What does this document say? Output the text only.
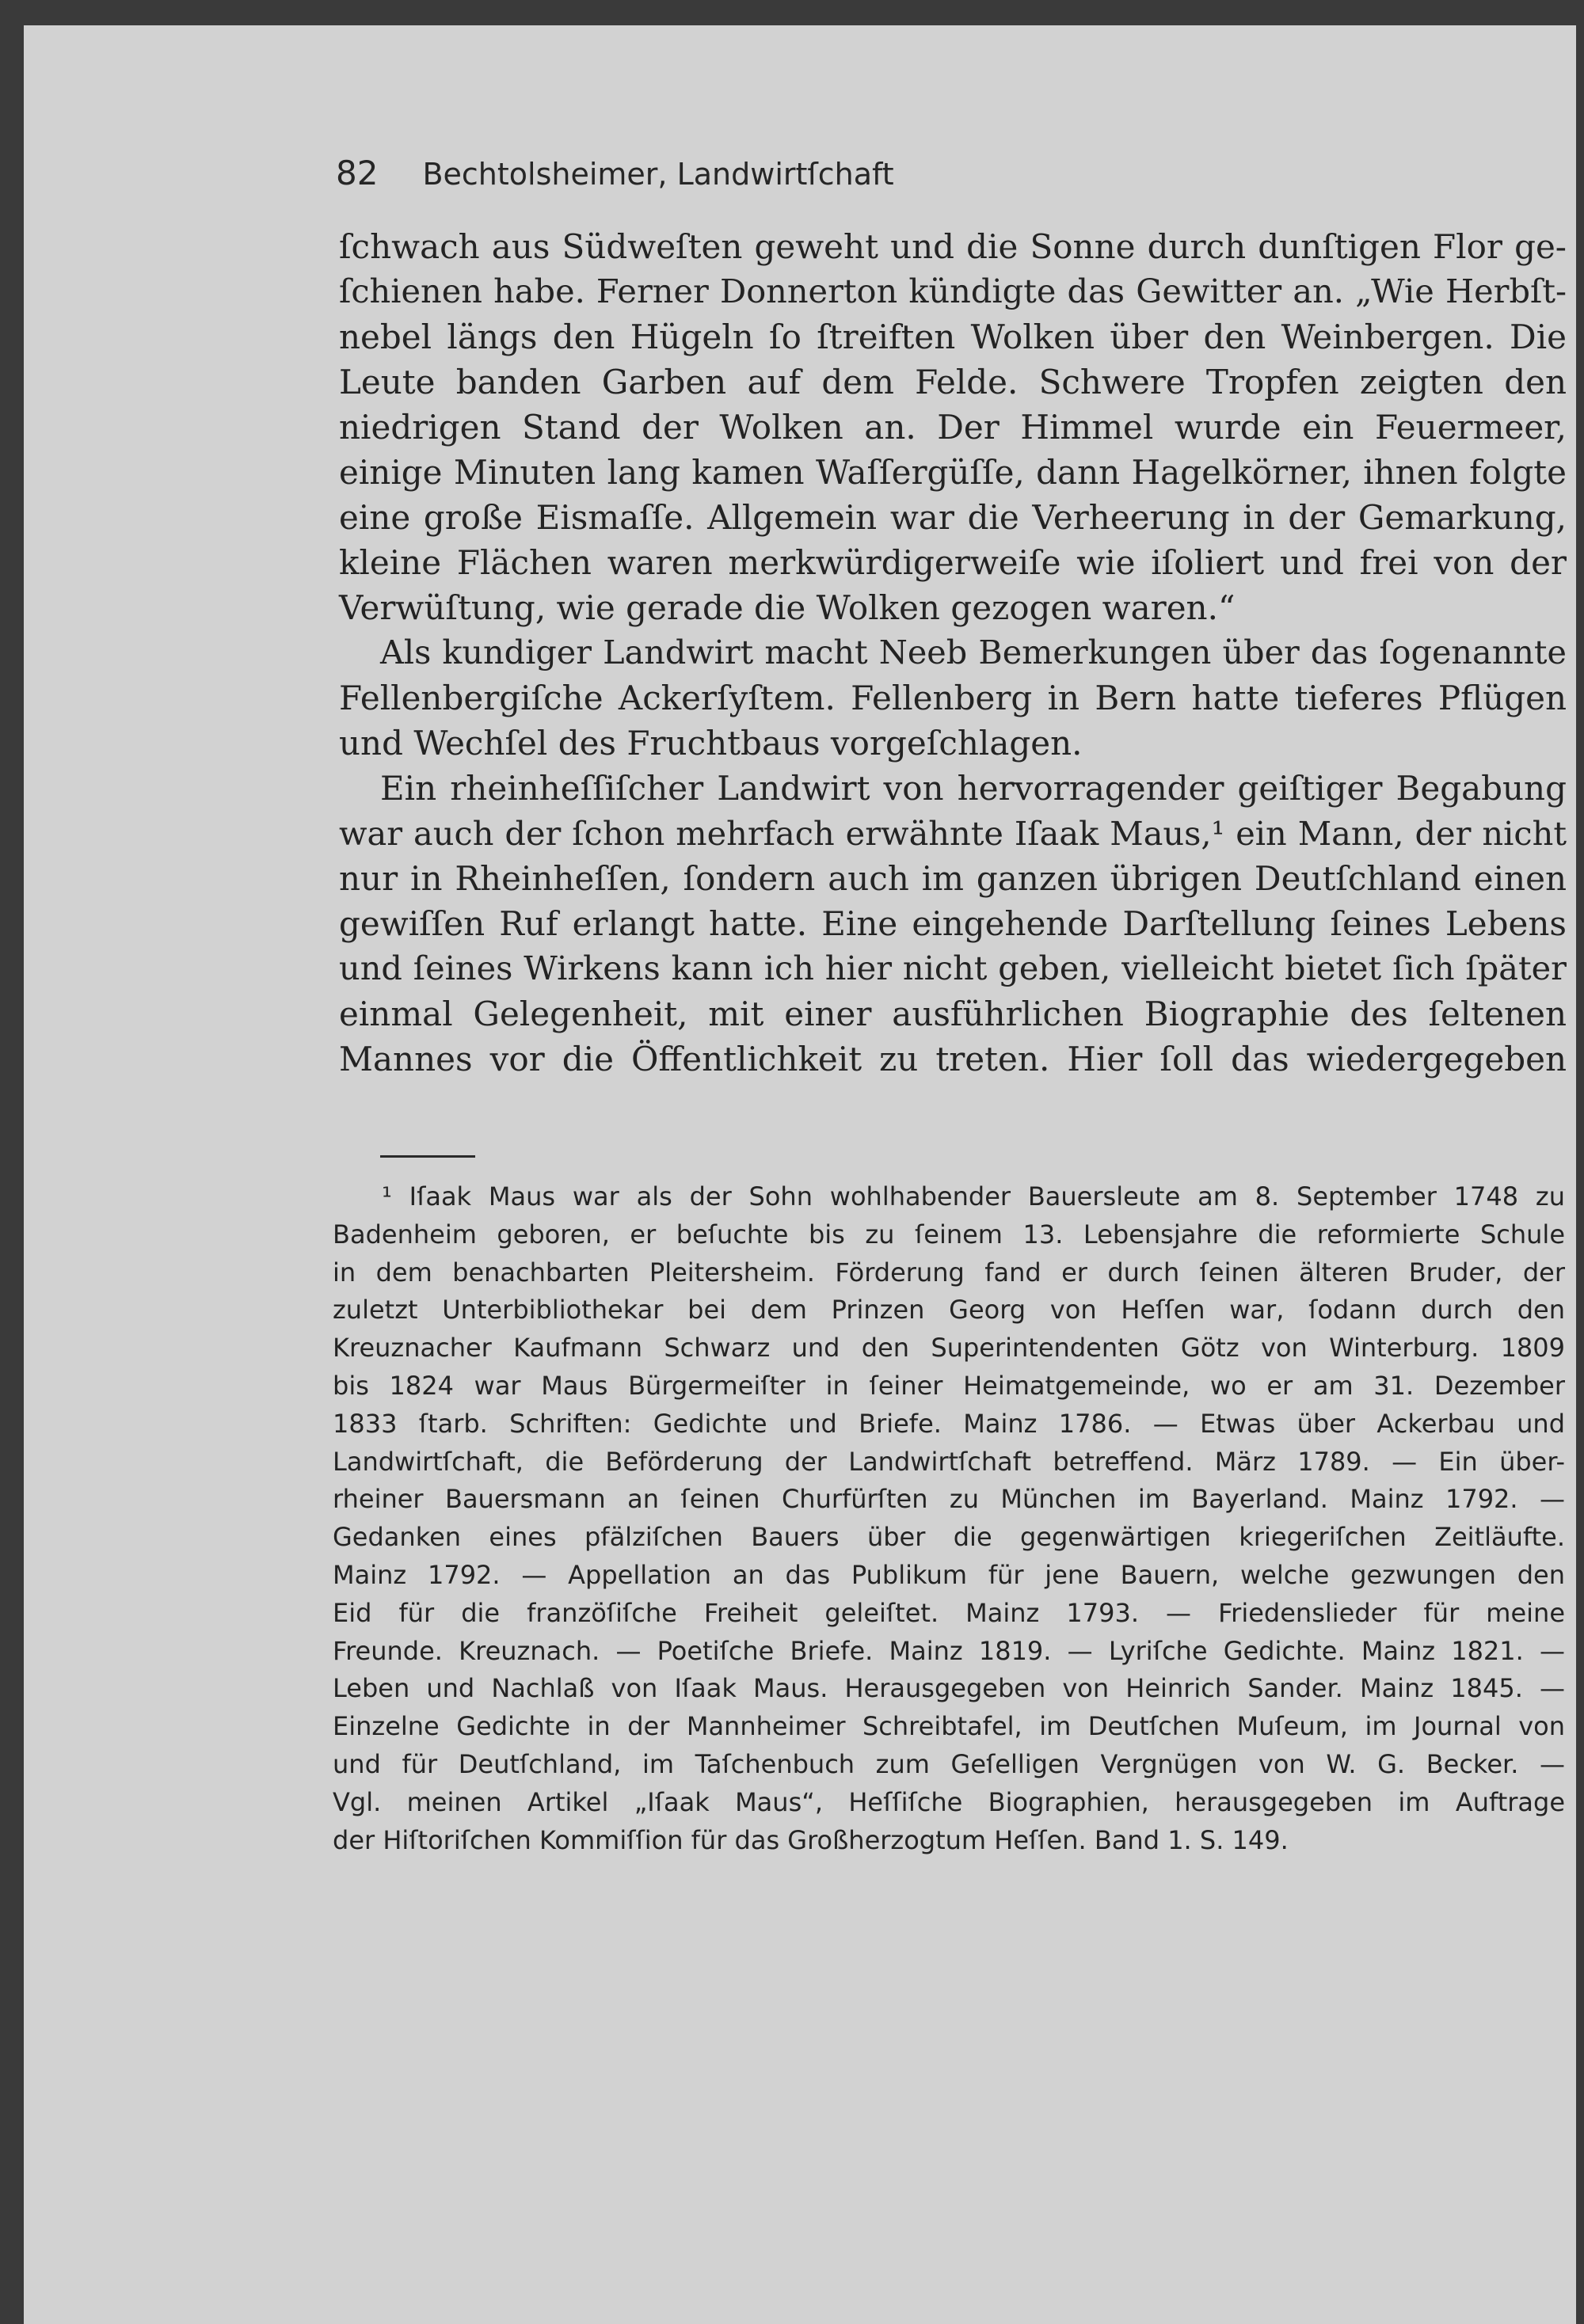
82 Bechtolsheimer, Landwirtſchaft
ſchwach aus Südweſten geweht und die Sonne durch dunſtigen Flor ge-
ſchienen habe. Ferner Donnerton kündigte das Gewitter an. „Wie Herbſt-
nebel längs den Hügeln ſo ſtreiften Wolken über den Weinbergen. Die
Leute banden Garben auf dem Felde. Schwere Tropfen zeigten den
niedrigen Stand der Wolken an. Der Himmel wurde ein Feuermeer,
einige Minuten lang kamen Waſſergüſſe, dann Hagelkörner, ihnen folgte
eine große Eismaſſe. Allgemein war die Verheerung in der Gemarkung,
kleine Flächen waren merkwürdigerweiſe wie iſoliert und frei von der
Verwüſtung, wie gerade die Wolken gezogen waren.“
Als kundiger Landwirt macht Neeb Bemerkungen über das ſogenannte
Fellenbergiſche Ackerſyſtem. Fellenberg in Bern hatte tieferes Pflügen
und Wechſel des Fruchtbaus vorgeſchlagen.
Ein rheinheſſiſcher Landwirt von hervorragender geiſtiger Begabung
war auch der ſchon mehrfach erwähnte Iſaak Maus,¹ ein Mann, der nicht
nur in Rheinheſſen, ſondern auch im ganzen übrigen Deutſchland einen
gewiſſen Ruf erlangt hatte. Eine eingehende Darſtellung ſeines Lebens
und ſeines Wirkens kann ich hier nicht geben, vielleicht bietet ſich ſpäter
einmal Gelegenheit, mit einer ausführlichen Biographie des ſeltenen
Mannes vor die Öffentlichkeit zu treten. Hier ſoll das wiedergegeben
¹ Iſaak Maus war als der Sohn wohlhabender Bauersleute am 8. September 1748 zu
Badenheim geboren, er beſuchte bis zu ſeinem 13. Lebensjahre die reformierte Schule
in dem benachbarten Pleitersheim. Förderung fand er durch ſeinen älteren Bruder, der
zuletzt Unterbibliothekar bei dem Prinzen Georg von Heſſen war, ſodann durch den
Kreuznacher Kaufmann Schwarz und den Superintendenten Götz von Winterburg. 1809
bis 1824 war Maus Bürgermeiſter in ſeiner Heimatgemeinde, wo er am 31. Dezember
1833 ſtarb. Schriften: Gedichte und Briefe. Mainz 1786. — Etwas über Ackerbau und
Landwirtſchaft, die Beförderung der Landwirtſchaft betreffend. März 1789. — Ein über-
rheiner Bauersmann an ſeinen Churfürſten zu München im Bayerland. Mainz 1792. —
Gedanken eines pfälziſchen Bauers über die gegenwärtigen kriegeriſchen Zeitläufte.
Mainz 1792. — Appellation an das Publikum für jene Bauern, welche gezwungen den
Eid für die franzöſiſche Freiheit geleiſtet. Mainz 1793. — Friedenslieder für meine
Freunde. Kreuznach. — Poetiſche Briefe. Mainz 1819. — Lyriſche Gedichte. Mainz 1821. —
Leben und Nachlaß von Iſaak Maus. Herausgegeben von Heinrich Sander. Mainz 1845. —
Einzelne Gedichte in der Mannheimer Schreibtafel, im Deutſchen Muſeum, im Journal von
und für Deutſchland, im Taſchenbuch zum Geſelligen Vergnügen von W. G. Becker. —
Vgl. meinen Artikel „Iſaak Maus“, Heſſiſche Biographien, herausgegeben im Auftrage
der Hiſtoriſchen Kommiſſion für das Großherzogtum Heſſen. Band 1. S. 149.
